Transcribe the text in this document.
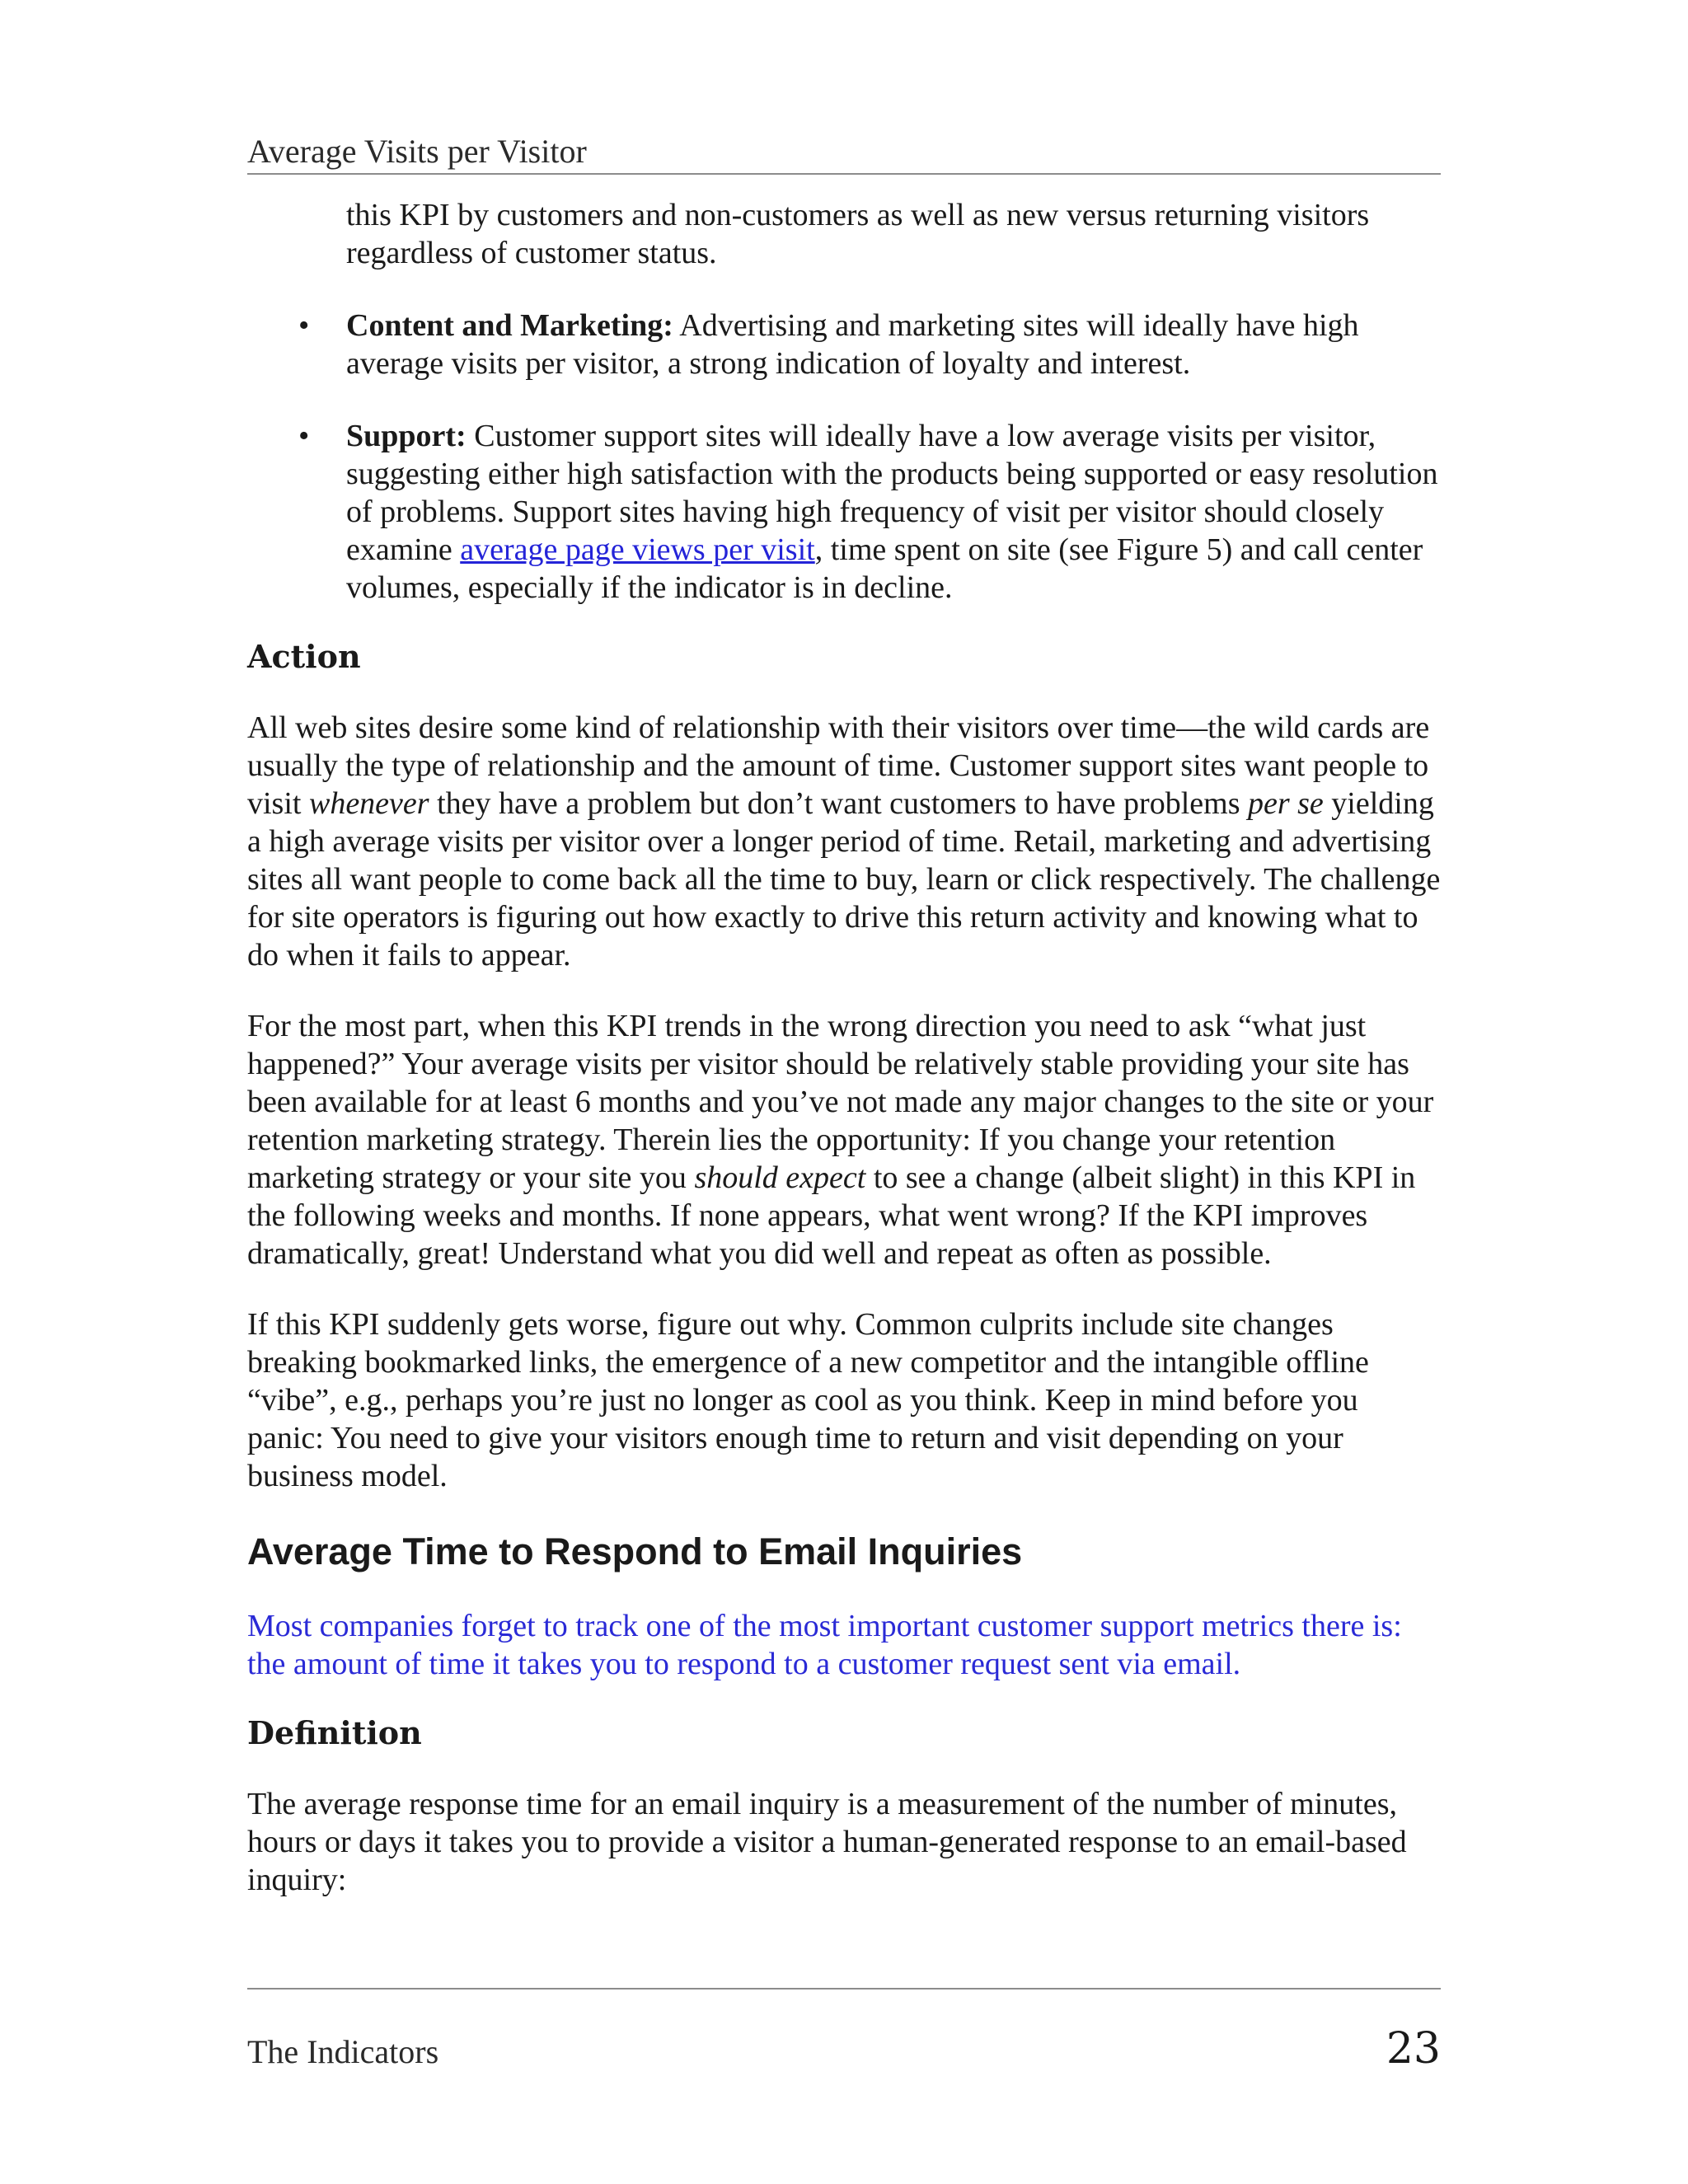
Average Visits per Visitor

this KPI by customers and non-customers as well as new versus returning visitors regardless of customer status.

• Content and Marketing: Advertising and marketing sites will ideally have high average visits per visitor, a strong indication of loyalty and interest.

• Support: Customer support sites will ideally have a low average visits per visitor, suggesting either high satisfaction with the products being supported or easy resolution of problems. Support sites having high frequency of visit per visitor should closely examine average page views per visit, time spent on site (see Figure 5) and call center volumes, especially if the indicator is in decline.

Action

All web sites desire some kind of relationship with their visitors over time—the wild cards are usually the type of relationship and the amount of time. Customer support sites want people to visit whenever they have a problem but don’t want customers to have problems per se yielding a high average visits per visitor over a longer period of time. Retail, marketing and advertising sites all want people to come back all the time to buy, learn or click respectively. The challenge for site operators is figuring out how exactly to drive this return activity and knowing what to do when it fails to appear.

For the most part, when this KPI trends in the wrong direction you need to ask “what just happened?” Your average visits per visitor should be relatively stable providing your site has been available for at least 6 months and you’ve not made any major changes to the site or your retention marketing strategy. Therein lies the opportunity: If you change your retention marketing strategy or your site you should expect to see a change (albeit slight) in this KPI in the following weeks and months. If none appears, what went wrong? If the KPI improves dramatically, great! Understand what you did well and repeat as often as possible.

If this KPI suddenly gets worse, figure out why. Common culprits include site changes breaking bookmarked links, the emergence of a new competitor and the intangible offline “vibe”, e.g., perhaps you’re just no longer as cool as you think. Keep in mind before you panic: You need to give your visitors enough time to return and visit depending on your business model.

Average Time to Respond to Email Inquiries

Most companies forget to track one of the most important customer support metrics there is: the amount of time it takes you to respond to a customer request sent via email.

Definition

The average response time for an email inquiry is a measurement of the number of minutes, hours or days it takes you to provide a visitor a human-generated response to an email-based inquiry:

The Indicators	23
